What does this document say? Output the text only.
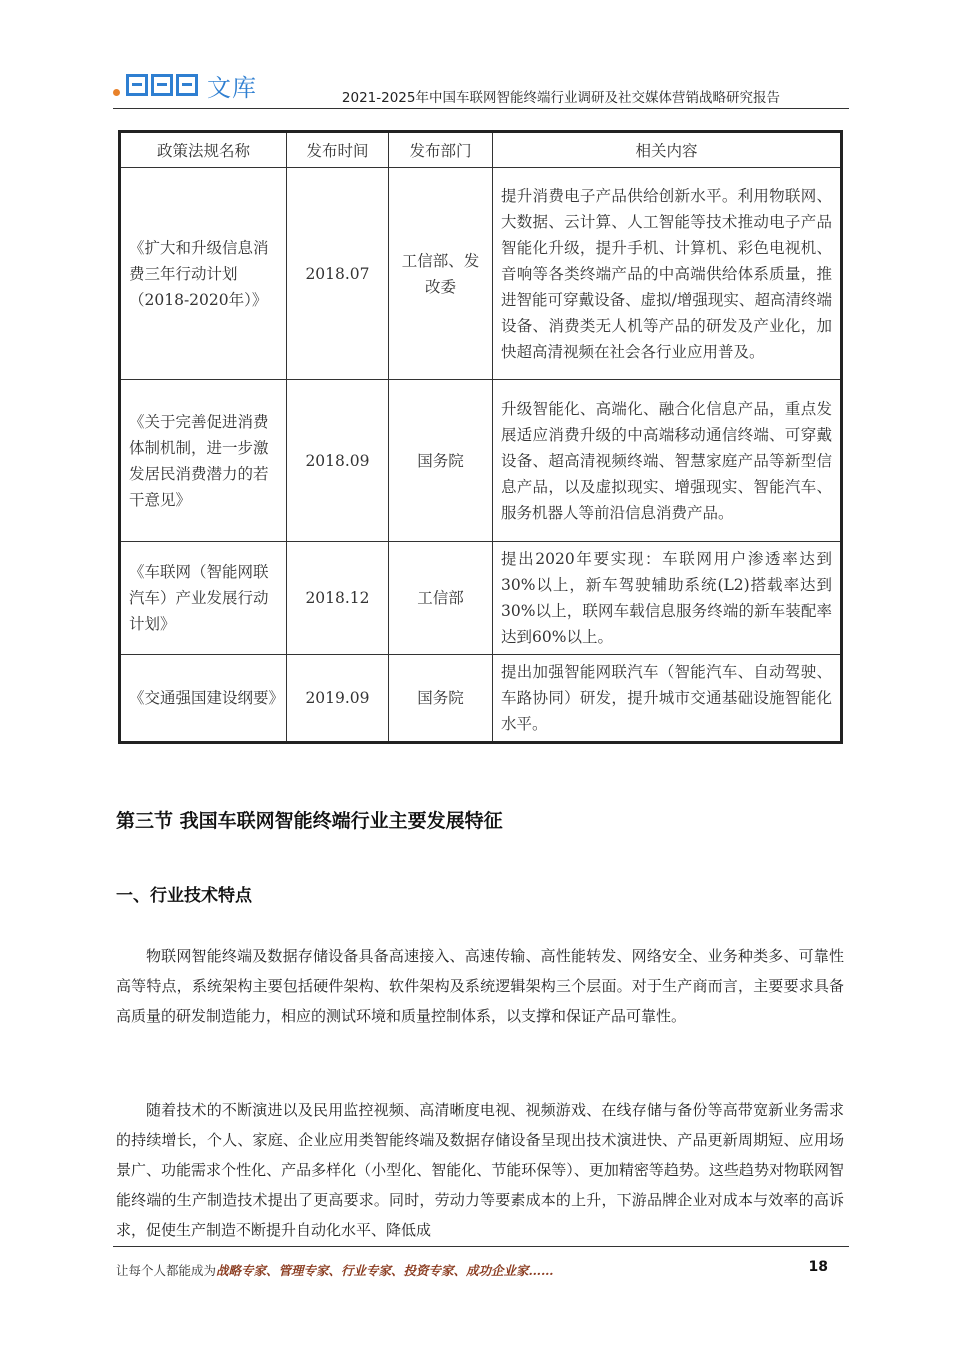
文库	2021-2025年中国车联网智能终端行业调研及社交媒体营销战略研究报告
政策法规名称	发布时间	发布部门	相关内容
《扩大和升级信息消费三年行动计划（2018-2020年）》	2018.07	工信部、发改委	提升消费电子产品供给创新水平。利用物联网、大数据、云计算、人工智能等技术推动电子产品智能化升级，提升手机、计算机、彩色电视机、音响等各类终端产品的中高端供给体系质量，推进智能可穿戴设备、虚拟/增强现实、超高清终端设备、消费类无人机等产品的研发及产业化，加快超高清视频在社会各行业应用普及。
《关于完善促进消费体制机制，进一步激发居民消费潜力的若干意见》	2018.09	国务院	升级智能化、高端化、融合化信息产品，重点发展适应消费升级的中高端移动通信终端、可穿戴设备、超高清视频终端、智慧家庭产品等新型信息产品，以及虚拟现实、增强现实、智能汽车、服务机器人等前沿信息消费产品。
《车联网（智能网联汽车）产业发展行动计划》	2018.12	工信部	提出2020年要实现：车联网用户渗透率达到30%以上，新车驾驶辅助系统(L2)搭载率达到30%以上，联网车载信息服务终端的新车装配率达到60%以上。
《交通强国建设纲要》	2019.09	国务院	提出加强智能网联汽车（智能汽车、自动驾驶、车路协同）研发，提升城市交通基础设施智能化水平。
第三节 我国车联网智能终端行业主要发展特征
一、行业技术特点

物联网智能终端及数据存储设备具备高速接入、高速传输、高性能转发、网络安全、业务种类多、可靠性高等特点，系统架构主要包括硬件架构、软件架构及系统逻辑架构三个层面。对于生产商而言，主要要求具备高质量的研发制造能力，相应的测试环境和质量控制体系，以支撑和保证产品可靠性。

随着技术的不断演进以及民用监控视频、高清晰度电视、视频游戏、在线存储与备份等高带宽新业务需求的持续增长，个人、家庭、企业应用类智能终端及数据存储设备呈现出技术演进快、产品更新周期短、应用场景广、功能需求个性化、产品多样化（小型化、智能化、节能环保等）、更加精密等趋势。这些趋势对物联网智能终端的生产制造技术提出了更高要求。同时，劳动力等要素成本的上升，下游品牌企业对成本与效率的高诉求，促使生产制造不断提升自动化水平、降低成

让每个人都能成为战略专家、管理专家、行业专家、投资专家、成功企业家……	18
